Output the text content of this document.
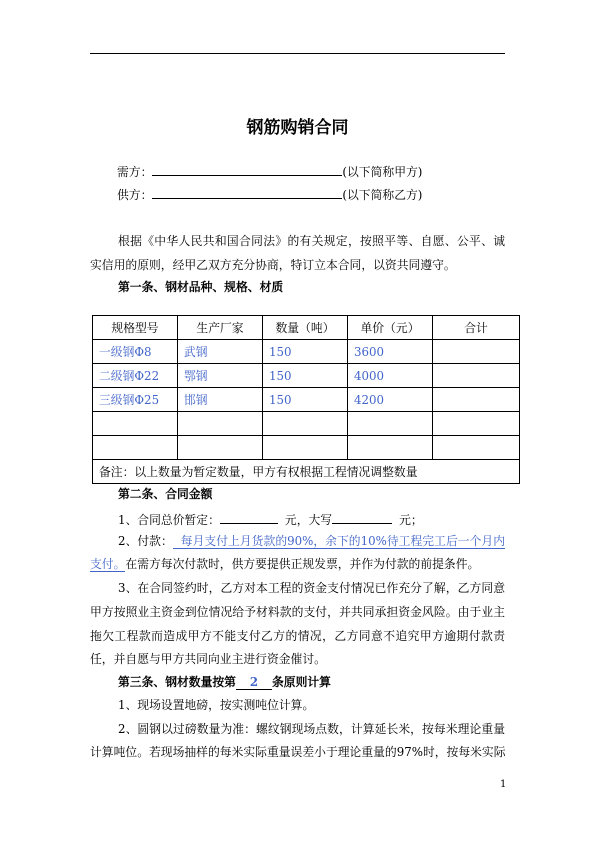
钢筋购销合同
需方：	(以下简称甲方)
供方：	(以下简称乙方)
根据《中华人民共和国合同法》的有关规定，按照平等、自愿、公平、诚
实信用的原则，经甲乙双方充分协商，特订立本合同，以资共同遵守。
第一条、钢材品种、规格、材质
规格型号	生产厂家	数量（吨）	单价（元）	合计
一级钢Φ8	武钢	150	3600	
二级钢Φ22	鄂钢	150	4000	
三级钢Φ25	邯钢	150	4200	

备注：以上数量为暂定数量，甲方有权根据工程情况调整数量				
第二条、合同金额
1、合同总价暂定：	元，大写	元；
2、付款： 每月支付上月货款的90%，余下的10%待工程完工后一个月内
支付。在需方每次付款时，供方要提供正规发票，并作为付款的前提条件。
3、在合同签约时，乙方对本工程的资金支付情况已作充分了解，乙方同意
甲方按照业主资金到位情况给予材料款的支付，并共同承担资金风险。由于业主
拖欠工程款而造成甲方不能支付乙方的情况，乙方同意不追究甲方逾期付款责
任，并自愿与甲方共同向业主进行资金催讨。
第三条、钢材数量按第 2 条原则计算
1、现场设置地磅，按实测吨位计算。
2、圆钢以过磅数量为准：螺纹钢现场点数，计算延长米，按每米理论重量
计算吨位。若现场抽样的每米实际重量误差小于理论重量的97%时，按每米实际
1
